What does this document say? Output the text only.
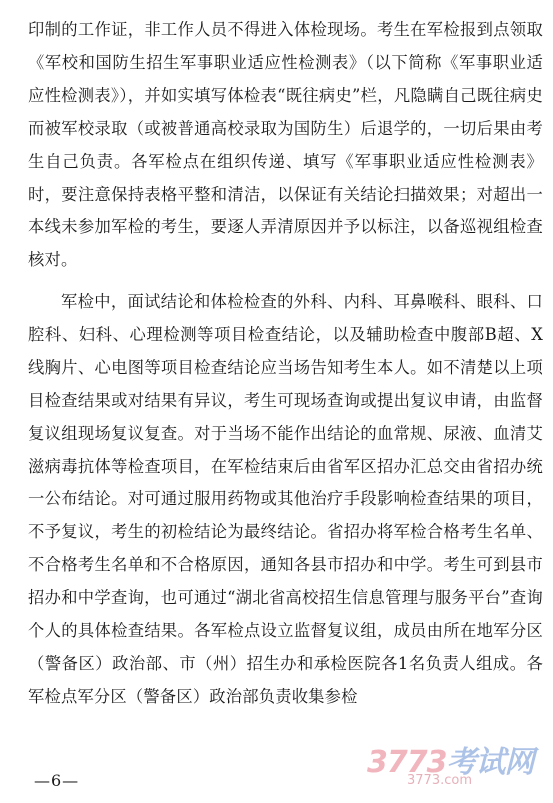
印制的工作证，非工作人员不得进入体检现场。考生在军检报到点领取《军校和国防生招生军事职业适应性检测表》（以下简称《军事职业适应性检测表》），并如实填写体检表“既往病史”栏，凡隐瞒自己既往病史而被军校录取（或被普通高校录取为国防生）后退学的，一切后果由考生自己负责。各军检点在组织传递、填写《军事职业适应性检测表》时，要注意保持表格平整和清洁，以保证有关结论扫描效果；对超出一本线未参加军检的考生，要逐人弄清原因并予以标注，以备巡视组检查核对。

军检中，面试结论和体检检查的外科、内科、耳鼻喉科、眼科、口腔科、妇科、心理检测等项目检查结论，以及辅助检查中腹部B超、X线胸片、心电图等项目检查结论应当场告知考生本人。如不清楚以上项目检查结果或对结果有异议，考生可现场查询或提出复议申请，由监督复议组现场复议复查。对于当场不能作出结论的血常规、尿液、血清艾滋病毒抗体等检查项目，在军检结束后由省军区招办汇总交由省招办统一公布结论。对可通过服用药物或其他治疗手段影响检查结果的项目，不予复议，考生的初检结论为最终结论。省招办将军检合格考生名单、不合格考生名单和不合格原因，通知各县市招办和中学。考生可到县市招办和中学查询，也可通过“湖北省高校招生信息管理与服务平台”查询个人的具体检查结果。各军检点设立监督复议组，成员由所在地军分区（警备区）政治部、市（州）招生办和承检医院各1名负责人组成。各军检点军分区（警备区）政治部负责收集参检

—6—
3773考试网
3773.com
